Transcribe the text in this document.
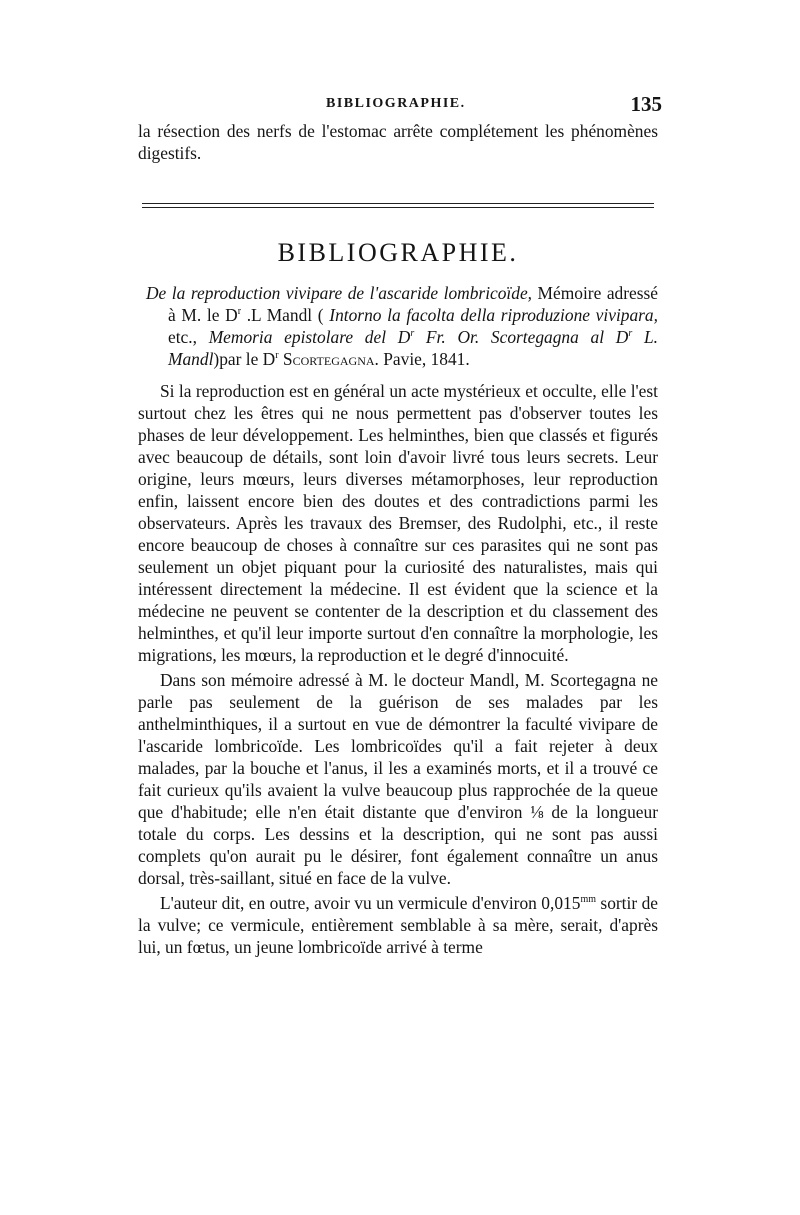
BIBLIOGRAPHIE.	135

la résection des nerfs de l'estomac arrête complétement les phénomènes digestifs.

BIBLIOGRAPHIE.

De la reproduction vivipare de l'ascaride lombricoïde, Mémoire adressé à M. le $D^r$ .L Mandl ( Intorno la facolta della riproduzione vivipara, etc., Memoria epistolare del $D^r$ Fr. Or. Scortegagna al $D^r$ L. Mandl)par le $D^r$ Scortegagna. Pavie, 1841.

Si la reproduction est en général un acte mystérieux et occulte, elle l'est surtout chez les êtres qui ne nous permettent pas d'observer toutes les phases de leur développement. Les helminthes, bien que classés et figurés avec beaucoup de détails, sont loin d'avoir livré tous leurs secrets. Leur origine, leurs mœurs, leurs diverses métamorphoses, leur reproduction enfin, laissent encore bien des doutes et des contradictions parmi les observateurs. Après les travaux des Bremser, des Rudolphi, etc., il reste encore beaucoup de choses à connaître sur ces parasites qui ne sont pas seulement un objet piquant pour la curiosité des naturalistes, mais qui intéressent directement la médecine. Il est évident que la science et la médecine ne peuvent se contenter de la description et du classement des helminthes, et qu'il leur importe surtout d'en connaître la morphologie, les migrations, les mœurs, la reproduction et le degré d'innocuité.

Dans son mémoire adressé à M. le docteur Mandl, M. Scortegagna ne parle pas seulement de la guérison de ses malades par les anthelminthiques, il a surtout en vue de démontrer la faculté vivipare de l'ascaride lombricoïde. Les lombricoïdes qu'il a fait rejeter à deux malades, par la bouche et l'anus, il les a examinés morts, et il a trouvé ce fait curieux qu'ils avaient la vulve beaucoup plus rapprochée de la queue que d'habitude; elle n'en était distante que d'environ ⅛ de la longueur totale du corps. Les dessins et la description, qui ne sont pas aussi complets qu'on aurait pu le désirer, font également connaître un anus dorsal, très-saillant, situé en face de la vulve.

L'auteur dit, en outre, avoir vu un vermicule d'environ $0,015^{mm}$ sortir de la vulve; ce vermicule, entièrement semblable à sa mère, serait, d'après lui, un fœtus, un jeune lombricoïde arrivé à terme
